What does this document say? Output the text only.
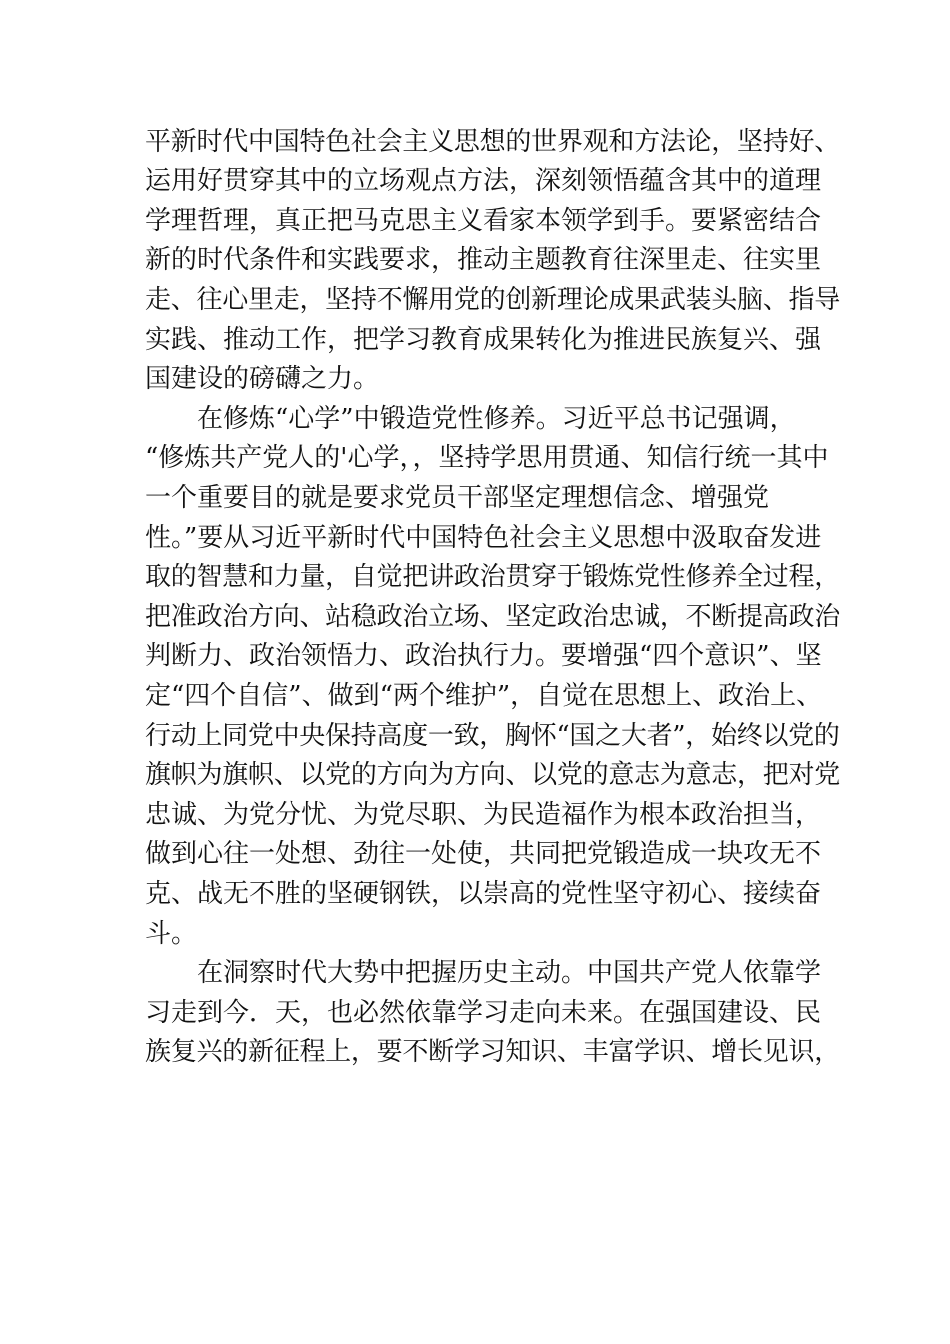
平新时代中国特色社会主义思想的世界观和方法论，坚持好、

运用好贯穿其中的立场观点方法，深刻领悟蕴含其中的道理

学理哲理，真正把马克思主义看家本领学到手。要紧密结合

新的时代条件和实践要求，推动主题教育往深里走、往实里

走、往心里走，坚持不懈用党的创新理论成果武装头脑、指导

实践、推动工作，把学习教育成果转化为推进民族复兴、强

国建设的磅礴之力。

在修炼“心学”中锻造党性修养。习近平总书记强调，

“修炼共产党人的'心学，，坚持学思用贯通、知信行统一其中

一个重要目的就是要求党员干部坚定理想信念、增强党

性。”要从习近平新时代中国特色社会主义思想中汲取奋发进

取的智慧和力量，自觉把讲政治贯穿于锻炼党性修养全过程，

把准政治方向、站稳政治立场、坚定政治忠诚，不断提高政治

判断力、政治领悟力、政治执行力。要增强“四个意识”、坚

定“四个自信”、做到“两个维护”，自觉在思想上、政治上、

行动上同党中央保持高度一致，胸怀“国之大者”，始终以党的

旗帜为旗帜、以党的方向为方向、以党的意志为意志，把对党

忠诚、为党分忧、为党尽职、为民造福作为根本政治担当，

做到心往一处想、劲往一处使，共同把党锻造成一块攻无不

克、战无不胜的坚硬钢铁，以崇高的党性坚守初心、接续奋

斗。

在洞察时代大势中把握历史主动。中国共产党人依靠学

习走到今．天，也必然依靠学习走向未来。在强国建设、民

族复兴的新征程上，要不断学习知识、丰富学识、增长见识，
